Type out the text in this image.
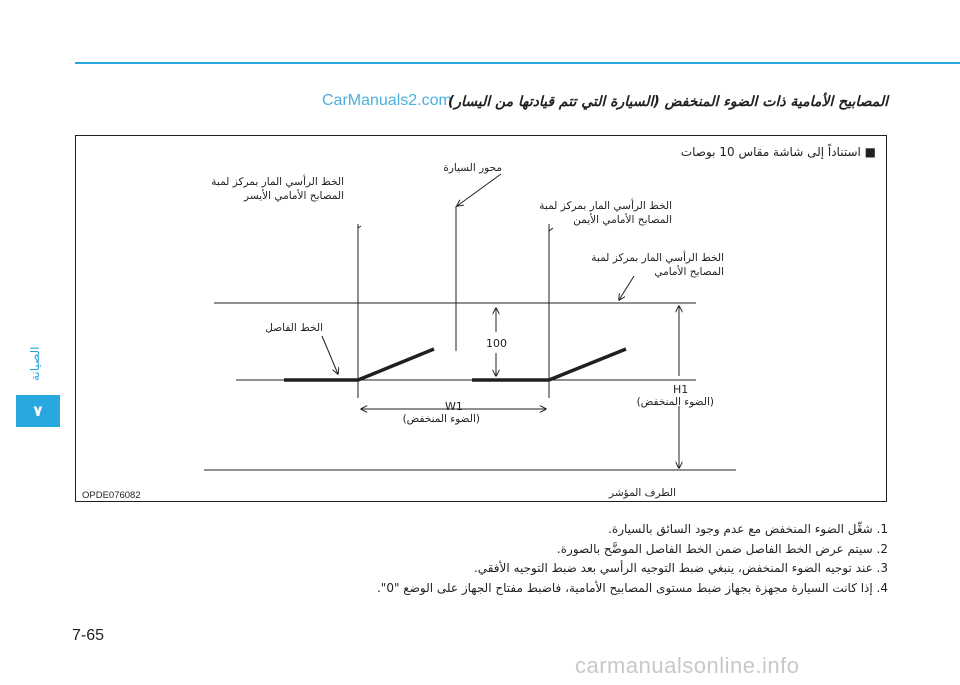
CarManuals2.com
المصابيح الأمامية ذات الضوء المنخفض (السيارة التي تتم قيادتها من اليسار)
الصيانة
٧
■ استناداً إلى شاشة مقاس 10 بوصات
محور السيارة
الخط الرأسي المار بمركز لمبة
المصابح الأمامي الأيسر
الخط الرأسي المار بمركز لمبة
المصابح الأمامي الأيمن
الخط الرأسي المار بمركز لمبة
المصابح الأمامي
الخط الفاصل
100
W1
(الضوء المنخفض)
H1
(الضوء المنخفض)
الطرف المؤشر
OPDE076082
1. شغِّل الضوء المنخفض مع عدم وجود السائق بالسيارة.
2. سيتم عرض الخط الفاصل ضمن الخط الفاصل الموضَّح بالصورة.
3. عند توجيه الضوء المنخفض، ينبغي ضبط التوجيه الرأسي بعد ضبط التوجيه الأفقي.
4. إذا كانت السيارة مجهزة بجهاز ضبط مستوى المصابيح الأمامية، فاضبط مفتاح الجهاز على الوضع "0".
7-65
carmanualsonline.info
